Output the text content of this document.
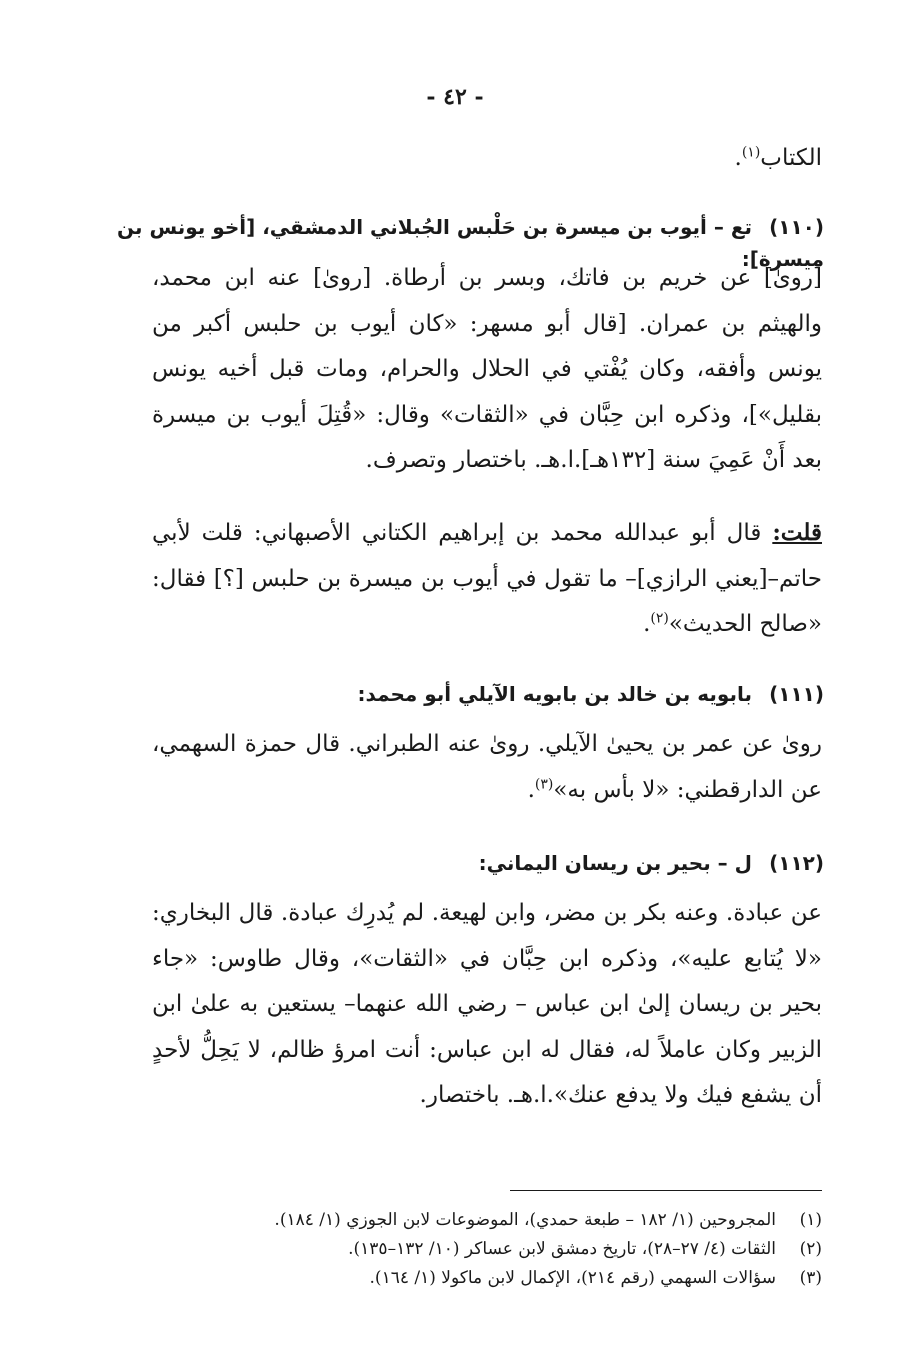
- ٤٢ -
الكتاب$^{(١)}$.
(١١٠)تع – أيوب بن ميسرة بن حَلْبس الجُبلاني الدمشقي، [أخو يونس بن ميسرة]:
[روىٰ] عن خريم بن فاتك، وبسر بن أرطاة. [روىٰ] عنه ابن محمد، والهيثم بن عمران. [قال أبو مسهر: «كان أيوب بن حلبس أكبر من يونس وأفقه، وكان يُفْتي في الحلال والحرام، ومات قبل أخيه يونس بقليل»]، وذكره ابن حِبَّان في «الثقات» وقال: «قُتِلَ أيوب بن ميسرة بعد أَنْ عَمِيَ سنة [١٣٢هـ].ا.هـ. باختصار وتصرف.
قلت: قال أبو عبدالله محمد بن إبراهيم الكتاني الأصبهاني: قلت لأبي حاتم–[يعني الرازي]– ما تقول في أيوب بن ميسرة بن حلبس [؟] فقال: «صالح الحديث»$^{(٢)}$.
(١١١)بابويه بن خالد بن بابويه الآيلي أبو محمد:
روىٰ عن عمر بن يحيىٰ الآيلي. روىٰ عنه الطبراني. قال حمزة السهمي، عن الدارقطني: «لا بأس به»$^{(٣)}$.
(١١٢)ل – بحير بن ريسان اليماني:
عن عبادة. وعنه بكر بن مضر، وابن لهيعة. لم يُدرِك عبادة. قال البخاري: «لا يُتابع عليه»، وذكره ابن حِبَّان في «الثقات»، وقال طاوس: «جاء بحير بن ريسان إلىٰ ابن عباس – رضي الله عنهما– يستعين به علىٰ ابن الزبير وكان عاملاً له، فقال له ابن عباس: أنت امرؤ ظالم، لا يَحِلُّ لأحدٍ أن يشفع فيك ولا يدفع عنك».ا.هـ. باختصار.
(١)المجروحين (١/ ١٨٢ – طبعة حمدي)، الموضوعات لابن الجوزي (١/ ١٨٤).
(٢)الثقات (٤/ ٢٧–٢٨)، تاريخ دمشق لابن عساكر (١٠/ ١٣٢–١٣٥).
(٣)سؤالات السهمي (رقم ٢١٤)، الإكمال لابن ماكولا (١/ ١٦٤).
